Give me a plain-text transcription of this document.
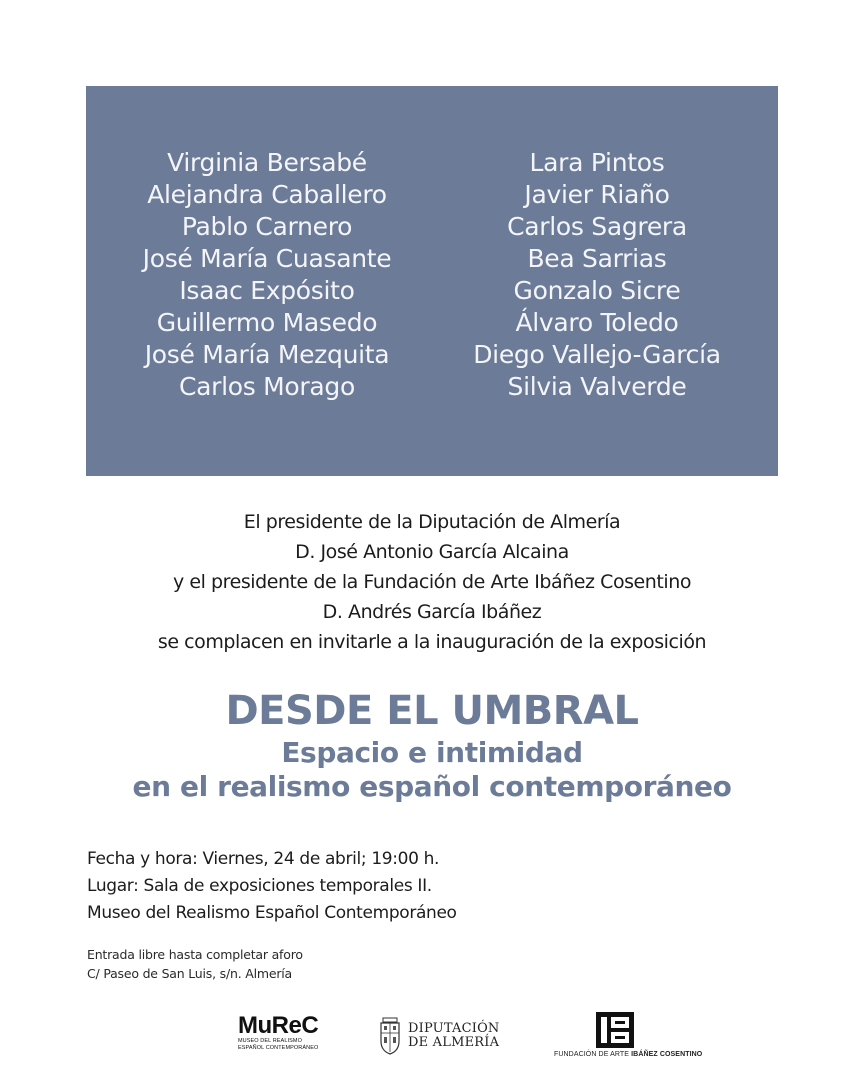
Virginia Bersabé
Alejandra Caballero
Pablo Carnero
José María Cuasante
Isaac Expósito
Guillermo Masedo
José María Mezquita
Carlos Morago
Lara Pintos
Javier Riaño
Carlos Sagrera
Bea Sarrias
Gonzalo Sicre
Álvaro Toledo
Diego Vallejo-García
Silvia Valverde
El presidente de la Diputación de Almería
D. José Antonio García Alcaina
y el presidente de la Fundación de Arte Ibáñez Cosentino
D. Andrés García Ibáñez
se complacen en invitarle a la inauguración de la exposición
DESDE EL UMBRAL
Espacio e intimidad
en el realismo español contemporáneo
Fecha y hora: Viernes, 24 de abril; 19:00 h.
Lugar: Sala de exposiciones temporales II.
Museo del Realismo Español Contemporáneo
Entrada libre hasta completar aforo
C/ Paseo de San Luis, s/n. Almería
MuReC
MUSEO DEL REALISMO
ESPAÑOL CONTEMPORÁNEO
DIPUTACIÓN
DE ALMERÍA
FUNDACIÓN DE ARTE IBÁÑEZ COSENTINO
